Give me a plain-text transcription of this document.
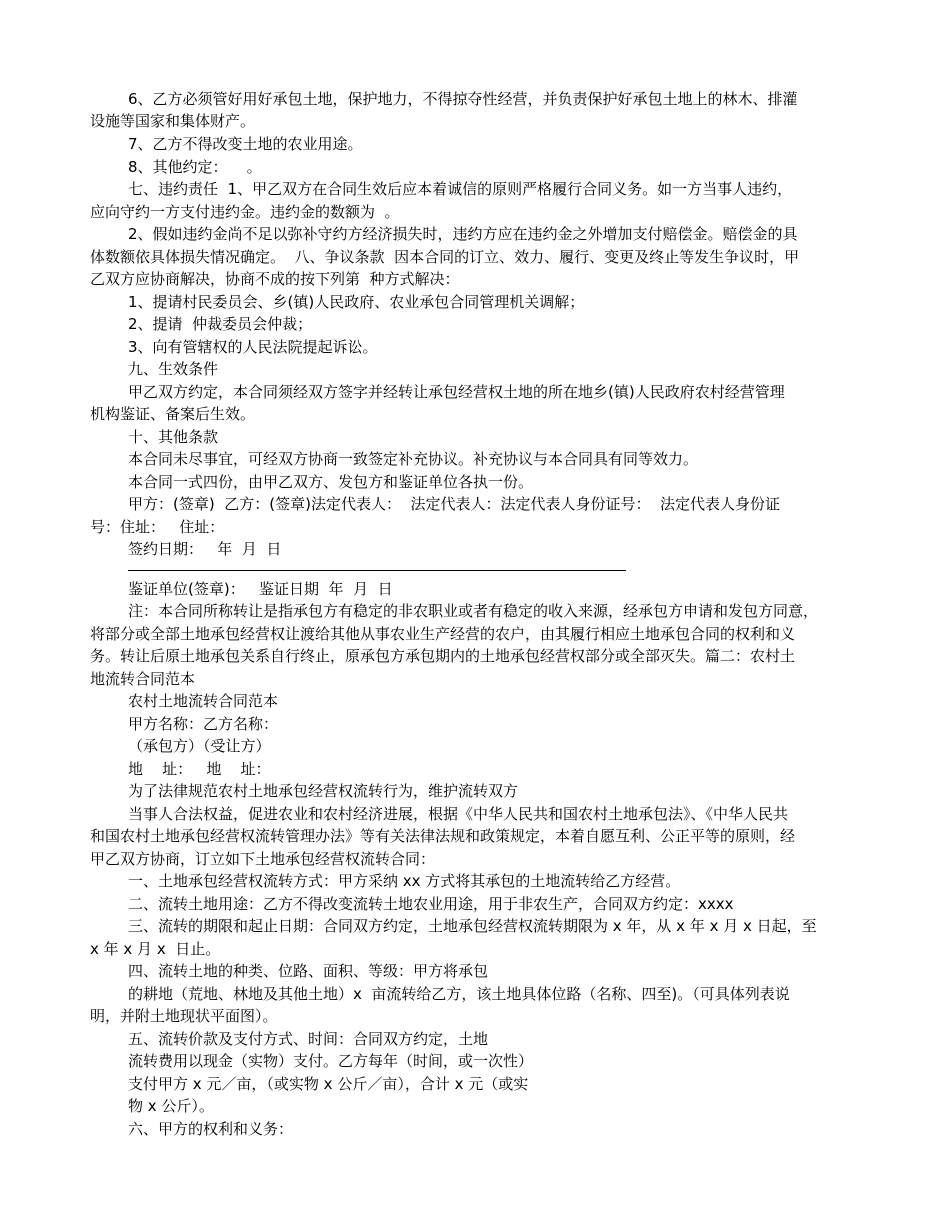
6、乙方必须管好用好承包土地，保护地力，不得掠夺性经营，并负责保护好承包土地上的林木、排灌
设施等国家和集体财产。
7、乙方不得改变土地的农业用途。
8、其他约定：    。
七、违约责任  1、甲乙双方在合同生效后应本着诚信的原则严格履行合同义务。如一方当事人违约，
应向守约一方支付违约金。违约金的数额为  。
2、假如违约金尚不足以弥补守约方经济损失时，违约方应在违约金之外增加支付赔偿金。赔偿金的具
体数额依具体损失情况确定。  八、争议条款  因本合同的订立、效力、履行、变更及终止等发生争议时，甲
乙双方应协商解决，协商不成的按下列第  种方式解决：
1、提请村民委员会、乡(镇)人民政府、农业承包合同管理机关调解；
2、提请  仲裁委员会仲裁；
3、向有管辖权的人民法院提起诉讼。
九、生效条件
甲乙双方约定，本合同须经双方签字并经转让承包经营权土地的所在地乡(镇)人民政府农村经营管理
机构鉴证、备案后生效。
十、其他条款
本合同未尽事宜，可经双方协商一致签定补充协议。补充协议与本合同具有同等效力。
本合同一式四份，由甲乙双方、发包方和鉴证单位各执一份。
甲方：(签章)  乙方：(签章)法定代表人：  法定代表人：法定代表人身份证号：  法定代表人身份证
号：住址：   住址：
签约日期：   年  月  日
鉴证单位(签章)：   鉴证日期  年  月  日
注：本合同所称转让是指承包方有稳定的非农职业或者有稳定的收入来源，经承包方申请和发包方同意，
将部分或全部土地承包经营权让渡给其他从事农业生产经营的农户，由其履行相应土地承包合同的权利和义
务。转让后原土地承包关系自行终止，原承包方承包期内的土地承包经营权部分或全部灭失。篇二：农村土
地流转合同范本
农村土地流转合同范本
甲方名称：乙方名称：
（承包方）（受让方）
地    址：   地    址：
为了法律规范农村土地承包经营权流转行为，维护流转双方
当事人合法权益，促进农业和农村经济进展，根据《中华人民共和国农村土地承包法》、《中华人民共
和国农村土地承包经营权流转管理办法》等有关法律法规和政策规定，本着自愿互利、公正平等的原则，经
甲乙双方协商，订立如下土地承包经营权流转合同：
一、土地承包经营权流转方式：甲方采纳 xx 方式将其承包的土地流转给乙方经营。
二、流转土地用途：乙方不得改变流转土地农业用途，用于非农生产，合同双方约定：xxxx
三、流转的期限和起止日期：合同双方约定，土地承包经营权流转期限为 x 年，从 x 年 x 月 x 日起，至
x 年 x 月 x  日止。
四、流转土地的种类、位路、面积、等级：甲方将承包
的耕地（荒地、林地及其他土地）x  亩流转给乙方，该土地具体位路（名称、四至)。（可具体列表说
明，并附土地现状平面图）。
五、流转价款及支付方式、时间：合同双方约定，土地
流转费用以现金（实物）支付。乙方每年（时间，或一次性）
支付甲方 x 元／亩，（或实物 x 公斤／亩），合计 x 元（或实
物 x 公斤）。
六、甲方的权利和义务：
